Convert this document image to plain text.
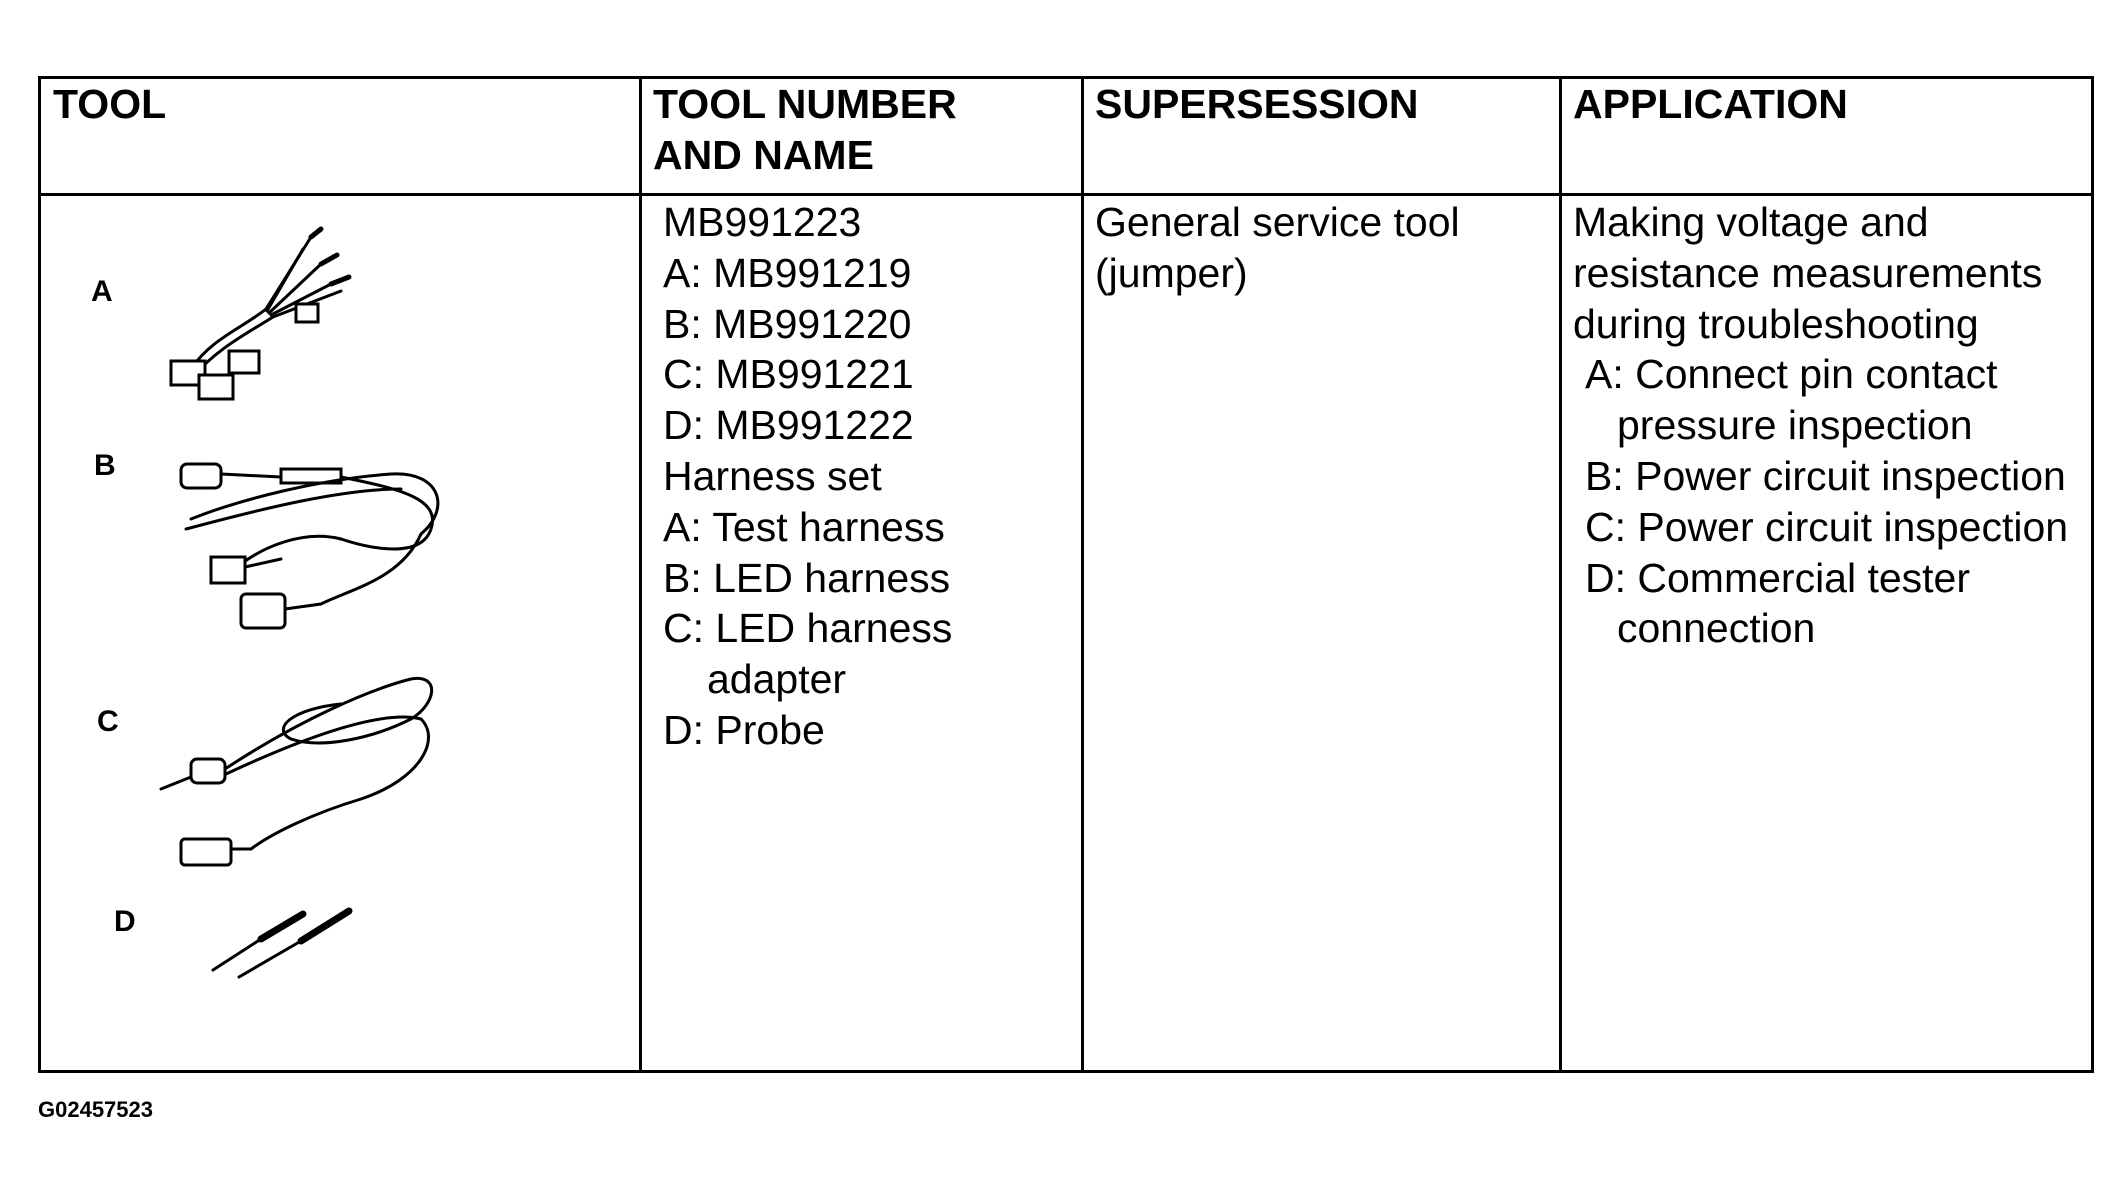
TOOL	TOOL NUMBER
AND NAME
SUPERSESSION	APPLICATION
MB991223
A: MB991219
B: MB991220
C: MB991221
D: MB991222
Harness set
A: Test harness
B: LED harness
C: LED harness
adapter
D: Probe
General service tool
(jumper)
Making voltage and
resistance measurements
during troubleshooting
A: Connect pin contact
pressure inspection
B: Power circuit inspection
C: Power circuit inspection
D: Commercial tester
connection
A
B
C
D
G02457523
